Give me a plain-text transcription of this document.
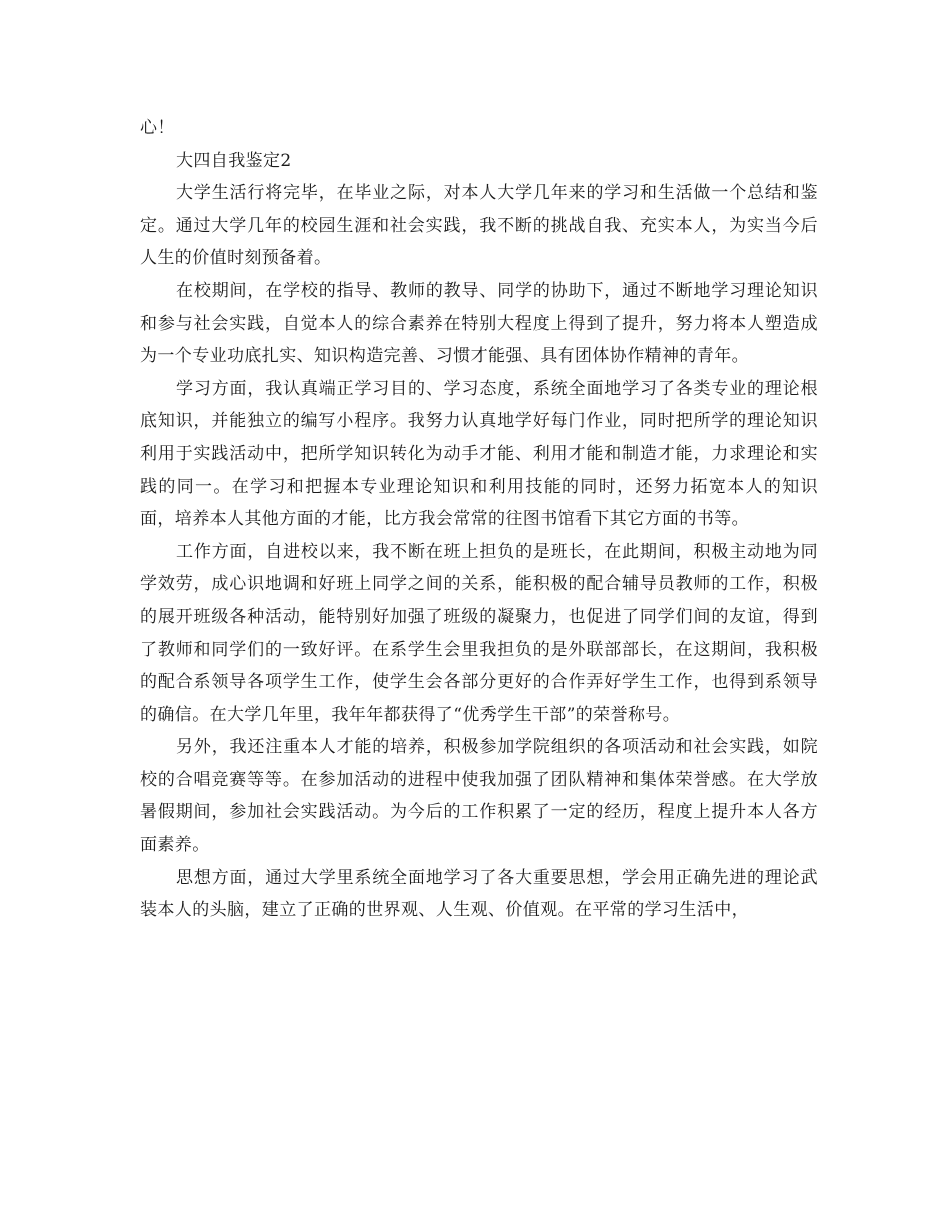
心！

大四自我鉴定2

大学生活行将完毕，在毕业之际，对本人大学几年来的学习和生活做一个总结和鉴定。通过大学几年的校园生涯和社会实践，我不断的挑战自我、充实本人，为实当今后人生的价值时刻预备着。

在校期间，在学校的指导、教师的教导、同学的协助下，通过不断地学习理论知识和参与社会实践，自觉本人的综合素养在特别大程度上得到了提升，努力将本人塑造成为一个专业功底扎实、知识构造完善、习惯才能强、具有团体协作精神的青年。

学习方面，我认真端正学习目的、学习态度，系统全面地学习了各类专业的理论根底知识，并能独立的编写小程序。我努力认真地学好每门作业，同时把所学的理论知识利用于实践活动中，把所学知识转化为动手才能、利用才能和制造才能，力求理论和实践的同一。在学习和把握本专业理论知识和利用技能的同时，还努力拓宽本人的知识面，培养本人其他方面的才能，比方我会常常的往图书馆看下其它方面的书等。

工作方面，自进校以来，我不断在班上担负的是班长，在此期间，积极主动地为同学效劳，成心识地调和好班上同学之间的关系，能积极的配合辅导员教师的工作，积极的展开班级各种活动，能特别好加强了班级的凝聚力，也促进了同学们间的友谊，得到了教师和同学们的一致好评。在系学生会里我担负的是外联部部长，在这期间，我积极的配合系领导各项学生工作，使学生会各部分更好的合作弄好学生工作，也得到系领导的确信。在大学几年里，我年年都获得了“优秀学生干部”的荣誉称号。

另外，我还注重本人才能的培养，积极参加学院组织的各项活动和社会实践，如院校的合唱竞赛等等。在参加活动的进程中使我加强了团队精神和集体荣誉感。在大学放暑假期间，参加社会实践活动。为今后的工作积累了一定的经历，程度上提升本人各方面素养。

思想方面，通过大学里系统全面地学习了各大重要思想，学会用正确先进的理论武装本人的头脑，建立了正确的世界观、人生观、价值观。在平常的学习生活中，
